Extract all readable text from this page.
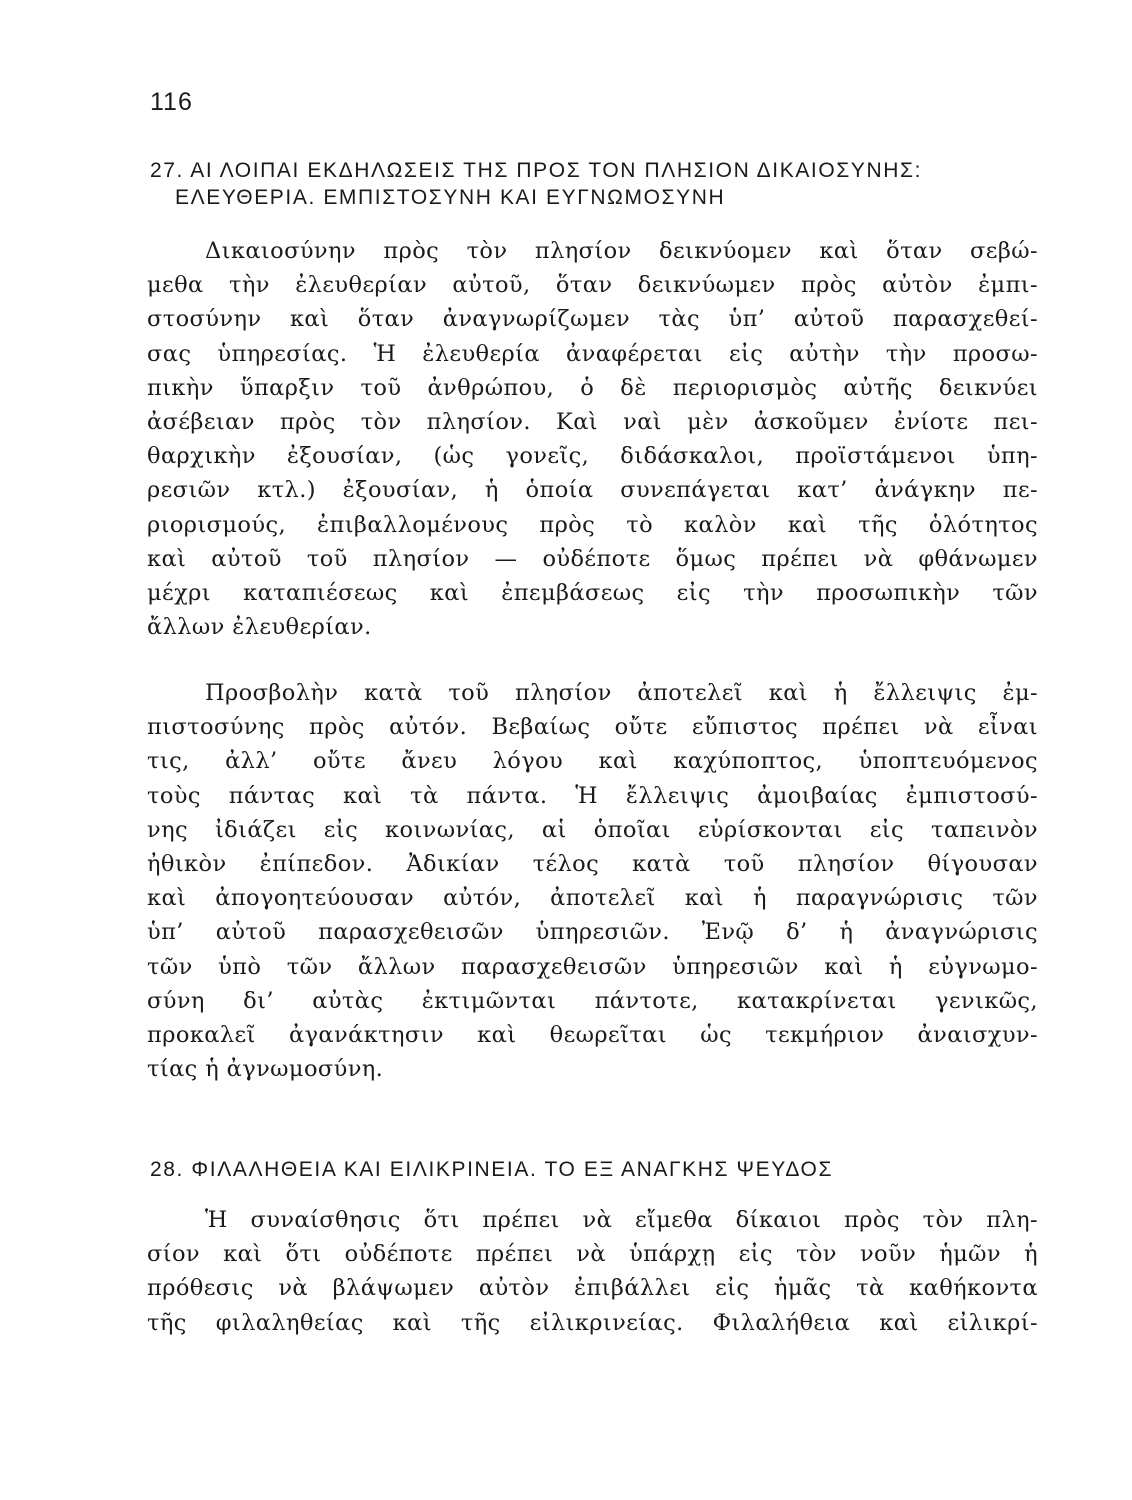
116
27. ΑΙ ΛΟΙΠΑΙ ΕΚΔΗΛΩΣΕΙΣ ΤΗΣ ΠΡΟΣ ΤΟΝ ΠΛΗΣΙΟΝ ΔΙΚΑΙΟΣΥΝΗΣ:
ΕΛΕΥΘΕΡΙΑ. ΕΜΠΙΣΤΟΣΥΝΗ ΚΑΙ ΕΥΓΝΩΜΟΣΥΝΗ
Δικαιοσύνην πρὸς τὸν πλησίον δεικνύομεν καὶ ὅταν σεβώ-
μεθα τὴν ἐλευθερίαν αὐτοῦ, ὅταν δεικνύωμεν πρὸς αὐτὸν ἐμπι-
στοσύνην καὶ ὅταν ἀναγνωρίζωμεν τὰς ὑπ’ αὐτοῦ παρασχεθεί-
σας ὑπηρεσίας. Ἡ ἐλευθερία ἀναφέρεται εἰς αὐτὴν τὴν προσω-
πικὴν ὕπαρξιν τοῦ ἀνθρώπου, ὁ δὲ περιορισμὸς αὐτῆς δεικνύει
ἀσέβειαν πρὸς τὸν πλησίον. Καὶ ναὶ μὲν ἀσκοῦμεν ἐνίοτε πει-
θαρχικὴν ἐξουσίαν, (ὡς γονεῖς, διδάσκαλοι, προϊστάμενοι ὑπη-
ρεσιῶν κτλ.) ἐξουσίαν, ἡ ὁποία συνεπάγεται κατ’ ἀνάγκην πε-
ριορισμούς, ἐπιβαλλομένους πρὸς τὸ καλὸν καὶ τῆς ὁλότητος
καὶ αὐτοῦ τοῦ πλησίον — οὐδέποτε ὅμως πρέπει νὰ φθάνωμεν
μέχρι καταπιέσεως καὶ ἐπεμβάσεως εἰς τὴν προσωπικὴν τῶν
ἄλλων ἐλευθερίαν.
Προσβολὴν κατὰ τοῦ πλησίον ἀποτελεῖ καὶ ἡ ἔλλειψις ἐμ-
πιστοσύνης πρὸς αὐτόν. Βεβαίως οὔτε εὔπιστος πρέπει νὰ εἶναι
τις, ἀλλ’ οὔτε ἄνευ λόγου καὶ καχύποπτος, ὑποπτευόμενος
τοὺς πάντας καὶ τὰ πάντα. Ἡ ἔλλειψις ἀμοιβαίας ἐμπιστοσύ-
νης ἰδιάζει εἰς κοινωνίας, αἱ ὁποῖαι εὑρίσκονται εἰς ταπεινὸν
ἠθικὸν ἐπίπεδον. Ἀδικίαν τέλος κατὰ τοῦ πλησίον θίγουσαν
καὶ ἀπογοητεύουσαν αὐτόν, ἀποτελεῖ καὶ ἡ παραγνώρισις τῶν
ὑπ’ αὐτοῦ παρασχεθεισῶν ὑπηρεσιῶν. Ἐνῷ δ’ ἡ ἀναγνώρισις
τῶν ὑπὸ τῶν ἄλλων παρασχεθεισῶν ὑπηρεσιῶν καὶ ἡ εὐγνωμο-
σύνη δι’ αὐτὰς ἐκτιμῶνται πάντοτε, κατακρίνεται γενικῶς,
προκαλεῖ ἀγανάκτησιν καὶ θεωρεῖται ὡς τεκμήριον ἀναισχυν-
τίας ἡ ἀγνωμοσύνη.
28. ΦΙΛΑΛΗΘΕΙΑ ΚΑΙ ΕΙΛΙΚΡΙΝΕΙΑ. ΤΟ ΕΞ ΑΝΑΓΚΗΣ ΨΕΥΔΟΣ
Ἡ συναίσθησις ὅτι πρέπει νὰ εἴμεθα δίκαιοι πρὸς τὸν πλη-
σίον καὶ ὅτι οὐδέποτε πρέπει νὰ ὑπάρχῃ εἰς τὸν νοῦν ἡμῶν ἡ
πρόθεσις νὰ βλάψωμεν αὐτὸν ἐπιβάλλει εἰς ἡμᾶς τὰ καθήκοντα
τῆς φιλαληθείας καὶ τῆς εἰλικρινείας. Φιλαλήθεια καὶ εἰλικρί-
